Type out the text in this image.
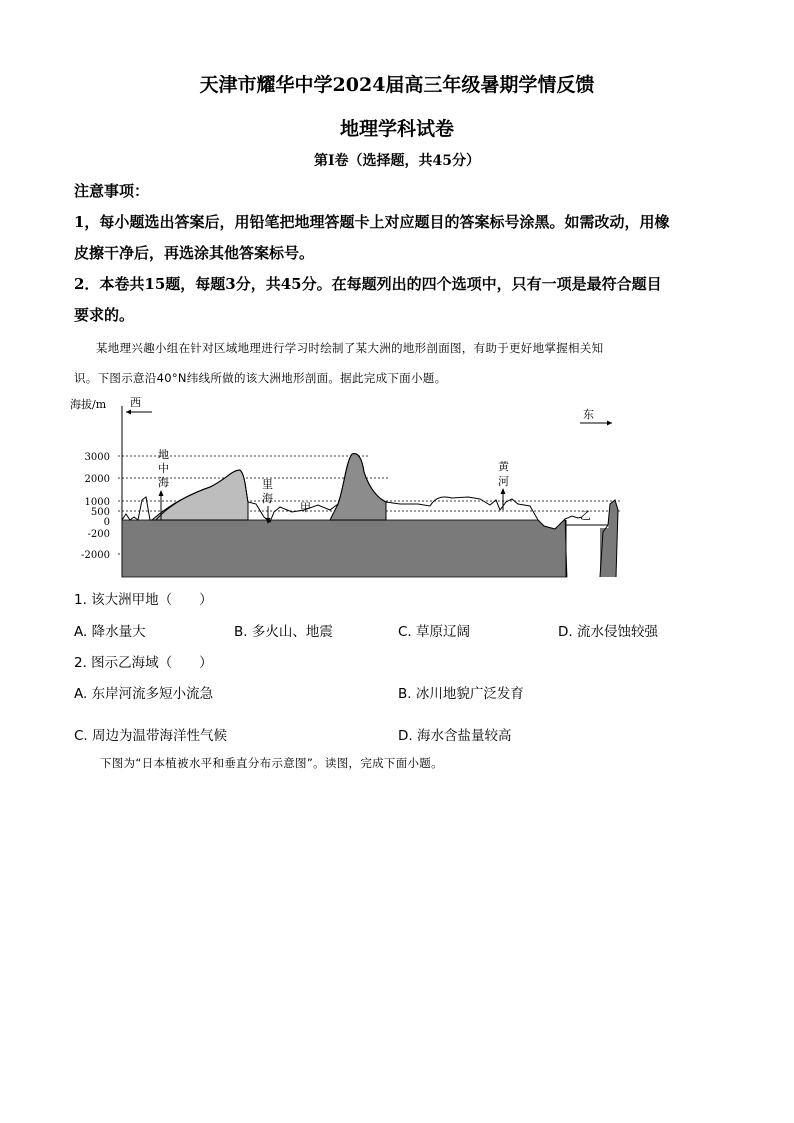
天津市耀华中学2024届高三年级暑期学情反馈
地理学科试卷
第I卷（选择题，共45分）
注意事项：
1，每小题选出答案后，用铅笔把地理答题卡上对应题目的答案标号涂黑。如需改动，用橡
皮擦干净后，再选涂其他答案标号。
2．本卷共15题，每题3分，共45分。在每题列出的四个选项中，只有一项是最符合题目
要求的。
某地理兴趣小组在针对区域地理进行学习时绘制了某大洲的地形剖面图，有助于更好地掌握相关知
识。下图示意沿40°N纬线所做的该大洲地形剖面。据此完成下面小题。
海拔/m 西
东
3000
2000
1000
500
0
-200
-2000
地
中
海	里
海
甲
黄
河
乙
1. 该大洲甲地（　　）
A. 降水量大	B. 多火山、地震	C. 草原辽阔	D. 流水侵蚀较强
2. 图示乙海域（　　）
A. 东岸河流多短小流急	B. 冰川地貌广泛发育
C. 周边为温带海洋性气候	D. 海水含盐量较高
下图为“日本植被水平和垂直分布示意图”。读图，完成下面小题。
